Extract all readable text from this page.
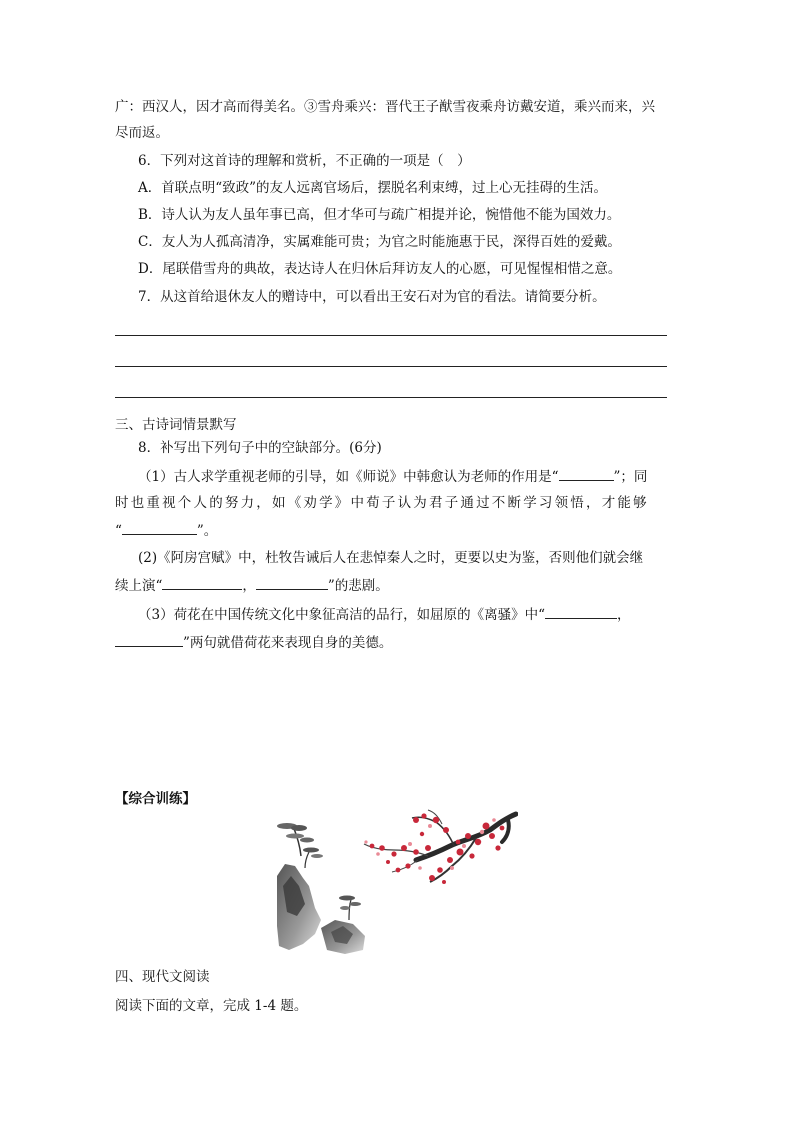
广：西汉人，因才高而得美名。③雪舟乘兴：晋代王子猷雪夜乘舟访戴安道，乘兴而来，兴
尽而返。
6．下列对这首诗的理解和赏析，不正确的一项是（　）
A．首联点明“致政”的友人远离官场后，摆脱名利束缚，过上心无挂碍的生活。
B．诗人认为友人虽年事已高，但才华可与疏广相提并论，惋惜他不能为国效力。
C．友人为人孤高清净，实属难能可贵；为官之时能施惠于民，深得百姓的爱戴。
D．尾联借雪舟的典故，表达诗人在归休后拜访友人的心愿，可见惺惺相惜之意。
7．从这首给退休友人的赠诗中，可以看出王安石对为官的看法。请简要分析。
三、古诗词情景默写
8．补写出下列句子中的空缺部分。(6分)
（1）古人求学重视老师的引导，如《师说》中韩愈认为老师的作用是“	”；同
时也重视个人的努力，如《劝学》中荀子认为君子通过不断学习领悟，才能够
“	”。
(2)《阿房宫赋》中，杜牧告诫后人在悲悼秦人之时，更要以史为鉴，否则他们就会继
续上演“	，	”的悲剧。
（3）荷花在中国传统文化中象征高洁的品行，如屈原的《离骚》中“	，
”两句就借荷花来表现自身的美德。
【综合训练】
四、现代文阅读
阅读下面的文章，完成 1-4 题。
